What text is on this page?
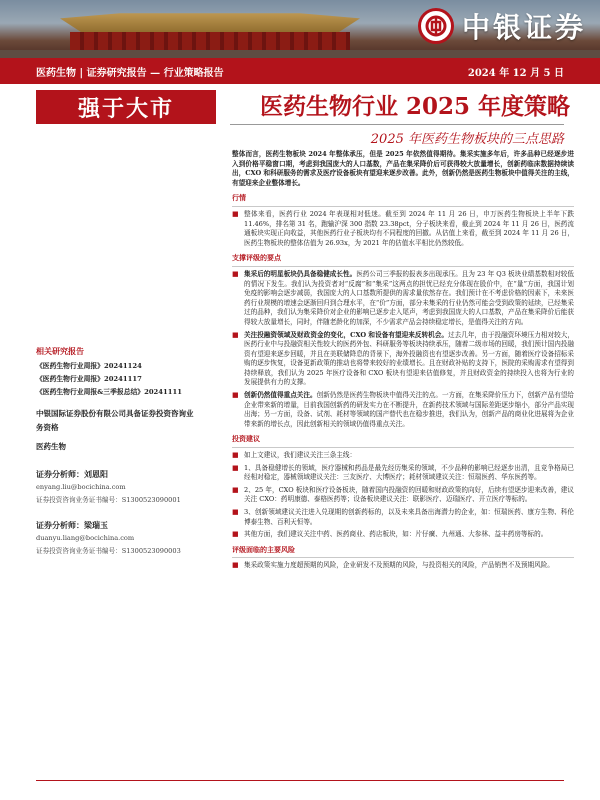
中银证券
医药生物 | 证券研究报告 — 行业策略报告	2024 年 12 月 5 日
强于大市	医药生物行业 2025 年度策略
2025 年医药生物板块的三点思路
相关研究报告
《医药生物行业周报》20241124
《医药生物行业周报》20241117
《医药生物行业周报&三季报总结》20241111
中银国际证券股份有限公司具备证券投资咨询业务资格
医药生物
证券分析师：刘恩阳
enyang.liu@bocichina.com
证券投资咨询业务证书编号：S1300523090001
证券分析师：梁瑞玉
duanyu.liang@bocichina.com
证券投资咨询业务证书编号：S1300523090003

整体而言，医药生物板块 2024 年整体承压，但是 2025 年依然值得期待。集采实施多年后，许多品种已经逐步进入到价格平稳窗口期，考虑到我国庞大的人口基数，产品在集采降价后可获得较大放量增长，创新药临床数据持续读出，CXO 和科研服务的需求及医疗设备板块有望迎来逐步改善。此外，创新仍然是医药生物板块中值得关注的主线，有望迎来企业整体增长。

行情
■ 整体来看，医药行业 2024 年表现相对低迷。截至到 2024 年 11 月 26 日，申万医药生物板块上半年下跌 11.46%，排名第 31 名，跑输沪深 300 指数 23.38pct，分子板块来看，截止到 2024 年 11 月 26 日，医药流通板块实现正向收益，其他医药行业子板块均有不同程度的回撤。从估值上来看，截至到 2024 年 11 月 26 日，医药生物板块的整体估值为 26.93x，为 2021 年的估值水平相比仍然较低。
支撑评级的要点
■ 集采后的明星板块仍具备稳健成长性。医药公司三季报的报表多出现承压。且为 23 年 Q3 板块业绩基数相对较低的情况下发生。我们认为投资者对“反腐”和“集采”这两点的担忧已经充分体现在股价中，在“量”方面，我国计划免疫的影响会逐步减弱，我国庞大的人口基数所提供的需求量依然存在。我们预计在不考虑价格的因素下，未来医药行业规模的增速会逐渐回归到合理水平，在“价”方面，部分未集采的行业仍然可能会受到政策的延续，已经集采过的品种，我们认为集采降价对企业的影响已逐步走入尾声，考虑到我国庞大的人口基数，产品在集采降价后能获得较大放量增长，同时，伴随老龄化的加深，不少需求产品会持续稳定增长，是值得关注的方向。
■ 关注投融资领域及财政资金的变化，CXO 和设备有望迎来反转机会。过去几年，由于投融资环境压力相对较大，医药行业中与投融资相关性较大的医药外包、科研服务等板块持续承压，随着二级市场的回暖，我们预计国内投融资有望迎来逐步回暖，并且在美联储降息的背景下，海外投融资也有望逐步改善。另一方面，随着医疗设备招标采购的逐步恢复，设备更新政策的推动也将带来较好的业绩增长。且在财政补贴的支持下，医院的采购需求有望得到持续释放，我们认为 2025 年医疗设备和 CXO 板块有望迎来估值修复，并且财政资金的持续投入也将为行业的发展提供有力的支撑。
■ 创新仍然值得重点关注。创新仍然是医药生物板块中值得关注的点。一方面，在集采降价压力下，创新产品有望给企业带来新的增量，目前我国创新药的研发实力在不断提升，在新药技术领域与国际差距逐步缩小，部分产品实现出海；另一方面，设备、试剂、耗材等领域的国产替代也在稳步推进，我们认为，创新产品的商业化进展将为企业带来新的增长点，因此创新相关的领域仍值得重点关注。
投资建议
■ 如上文建议，我们建议关注三条主线：
■ 1、具备稳健增长的领域，医疗器械和药品是最先经历集采的领域，不少品种的影响已经逐步出清，且竞争格局已经相对稳定，器械领域建议关注：三友医疗、大博医疗；耗材领域建议关注：恒瑞医药、华东医药等。
■ 2、25 年，CXO 板块和医疗设备板块，随着国内投融资的回暖和财政政策的向好，后续有望逐步迎来改善，建议关注 CXO：药明康德、泰格医药等；设备板块建议关注：联影医疗、迈瑞医疗、开立医疗等标的。
■ 3、创新领域建议关注进入兑现期的创新药标的，以及未来具备出海潜力的企业，如：恒瑞医药、康方生物、科伦博泰生物、百利天恒等。
■ 其他方面，我们建议关注中药、医药商业、药店板块，如：片仔癀、九州通、大参林、益丰药房等标的。
评级面临的主要风险
■ 集采政策实施力度超预期的风险，企业研发不及预期的风险，与投资相关的风险，产品销售不及预期风险。
